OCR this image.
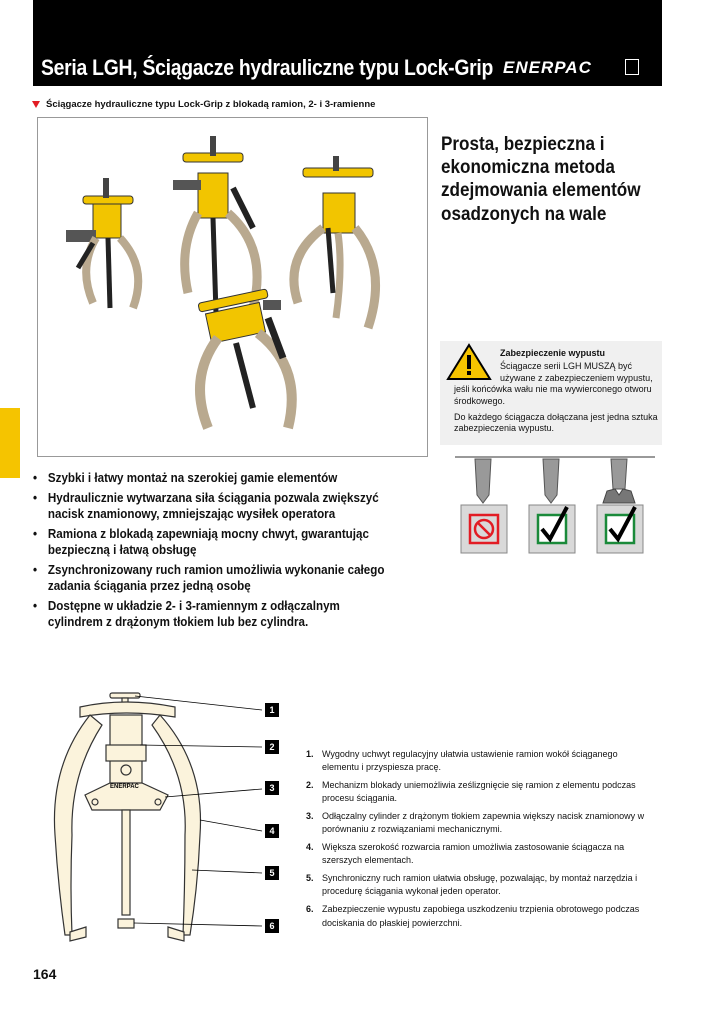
Seria LGH, Ściągacze hydrauliczne typu Lock-Grip ENERPAC
Ściągacze hydrauliczne typu Lock-Grip z blokadą ramion, 2- i 3-ramienne
Prosta, bezpieczna i ekonomiczna metoda zdejmowania elementów osadzonych na wale
Zabezpieczenie wypustu

Ściągacze serii LGH MUSZĄ być

używane z zabezpieczeniem wypustu,

jeśli końcówka wału nie ma wywierconego otworu środkowego.

Do każdego ściągacza dołączana jest jedna sztuka zabezpieczenia wypustu.

• Szybki i łatwy montaż na szerokiej gamie elementów
• Hydraulicznie wytwarzana siła ściągania pozwala zwiększyć nacisk znamionowy, zmniejszając wysiłek operatora
• Ramiona z blokadą zapewniają mocny chwyt, gwarantując bezpieczną i łatwą obsługę
• Zsynchronizowany ruch ramion umożliwia wykonanie całego zadania ściągania przez jedną osobę
• Dostępne w układzie 2- i 3-ramiennym z odłączalnym cylindrem z drążonym tłokiem lub bez cylindra.
ENERPAC
1
2
3
4
5
6
1. Wygodny uchwyt regulacyjny ułatwia ustawienie ramion wokół ściąganego elementu i przyspiesza pracę.
2. Mechanizm blokady uniemożliwia ześlizgnięcie się ramion z elementu podczas procesu ściągania.
3. Odłączalny cylinder z drążonym tłokiem zapewnia większy nacisk znamionowy w porównaniu z rozwiązaniami mechanicznymi.
4. Większa szerokość rozwarcia ramion umożliwia zastosowanie ściągacza na szerszych elementach.
5. Synchroniczny ruch ramion ułatwia obsługę, pozwalając, by montaż narzędzia i procedurę ściągania wykonał jeden operator.
6. Zabezpieczenie wypustu zapobiega uszkodzeniu trzpienia obrotowego podczas dociskania do płaskiej powierzchni.
164
